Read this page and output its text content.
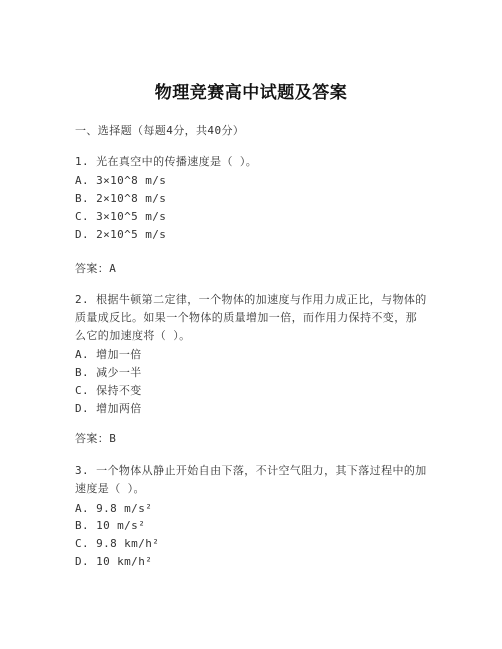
物理竞赛高中试题及答案
一、选择题（每题4分，共40分）
1. 光在真空中的传播速度是（ ）。
A. 3×10^8 m/s
B. 2×10^8 m/s
C. 3×10^5 m/s
D. 2×10^5 m/s
答案：A
2. 根据牛顿第二定律，一个物体的加速度与作用力成正比，与物体的质量成反比。如果一个物体的质量增加一倍，而作用力保持不变，那么它的加速度将（ ）。
A. 增加一倍
B. 减少一半
C. 保持不变
D. 增加两倍
答案：B
3. 一个物体从静止开始自由下落，不计空气阻力，其下落过程中的加速度是（ ）。
A. 9.8 m/s²
B. 10 m/s²
C. 9.8 km/h²
D. 10 km/h²
